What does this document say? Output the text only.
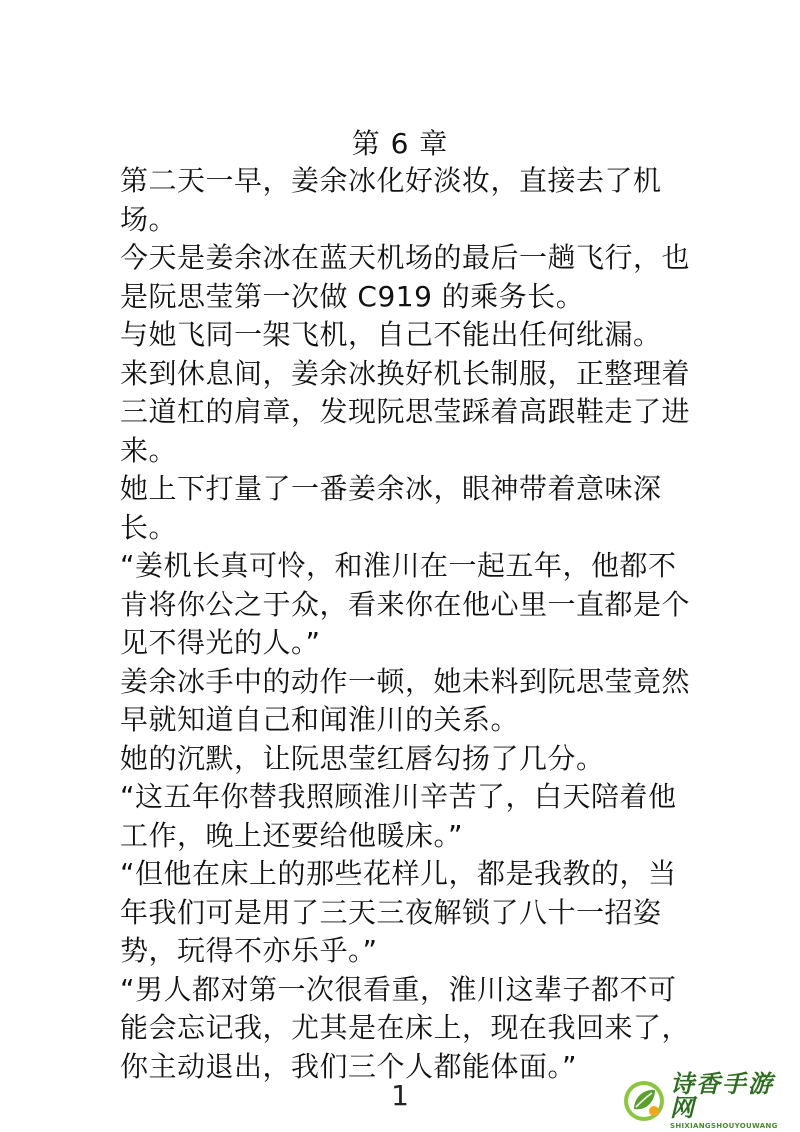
第 6 章

第二天一早，姜余冰化好淡妆，直接去了机场。

今天是姜余冰在蓝天机场的最后一趟飞行，也是阮思莹第一次做 C919 的乘务长。

与她飞同一架飞机，自己不能出任何纰漏。

来到休息间，姜余冰换好机长制服，正整理着三道杠的肩章，发现阮思莹踩着高跟鞋走了进来。

她上下打量了一番姜余冰，眼神带着意味深长。

“姜机长真可怜，和淮川在一起五年，他都不肯将你公之于众，看来你在他心里一直都是个见不得光的人。”

姜余冰手中的动作一顿，她未料到阮思莹竟然早就知道自己和闻淮川的关系。

她的沉默，让阮思莹红唇勾扬了几分。

“这五年你替我照顾淮川辛苦了，白天陪着他工作，晚上还要给他暖床。”

“但他在床上的那些花样儿，都是我教的，当年我们可是用了三天三夜解锁了八十一招姿势，玩得不亦乐乎。”

“男人都对第一次很看重，淮川这辈子都不可能会忘记我，尤其是在床上，现在我回来了，你主动退出，我们三个人都能体面。”

1	诗香手游网
SHIXIANGSHOUYOUWANG
